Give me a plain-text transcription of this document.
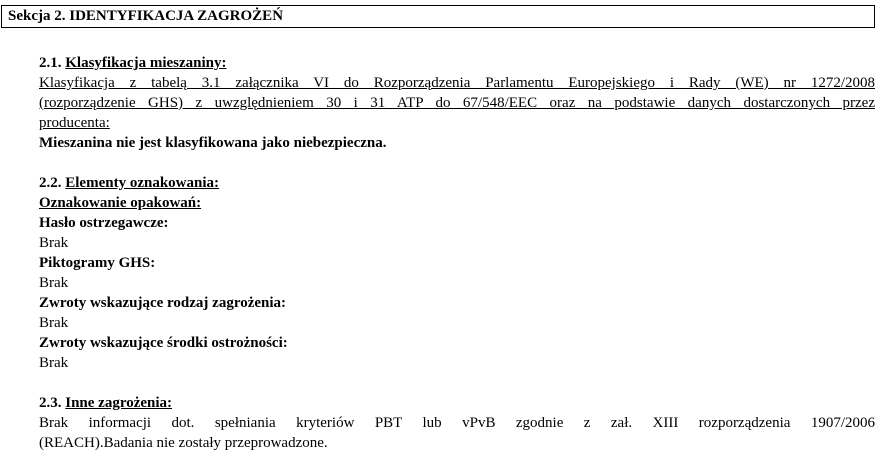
Sekcja 2. IDENTYFIKACJA ZAGROŻEŃ
2.1. Klasyfikacja mieszaniny:
Klasyfikacja z tabelą 3.1 załącznika VI do Rozporządzenia Parlamentu Europejskiego i Rady (WE) nr 1272/2008
(rozporządzenie GHS) z uwzględnieniem 30 i 31 ATP do 67/548/EEC oraz na podstawie danych dostarczonych przez
producenta:
Mieszanina nie jest klasyfikowana jako niebezpieczna.
2.2. Elementy oznakowania:
Oznakowanie opakowań:
Hasło ostrzegawcze:
Brak
Piktogramy GHS:
Brak
Zwroty wskazujące rodzaj zagrożenia:
Brak
Zwroty wskazujące środki ostrożności:
Brak
2.3. Inne zagrożenia:
Brak informacji dot. spełniania kryteriów PBT lub vPvB zgodnie z zał. XIII rozporządzenia 1907/2006
(REACH).Badania nie zostały przeprowadzone.
